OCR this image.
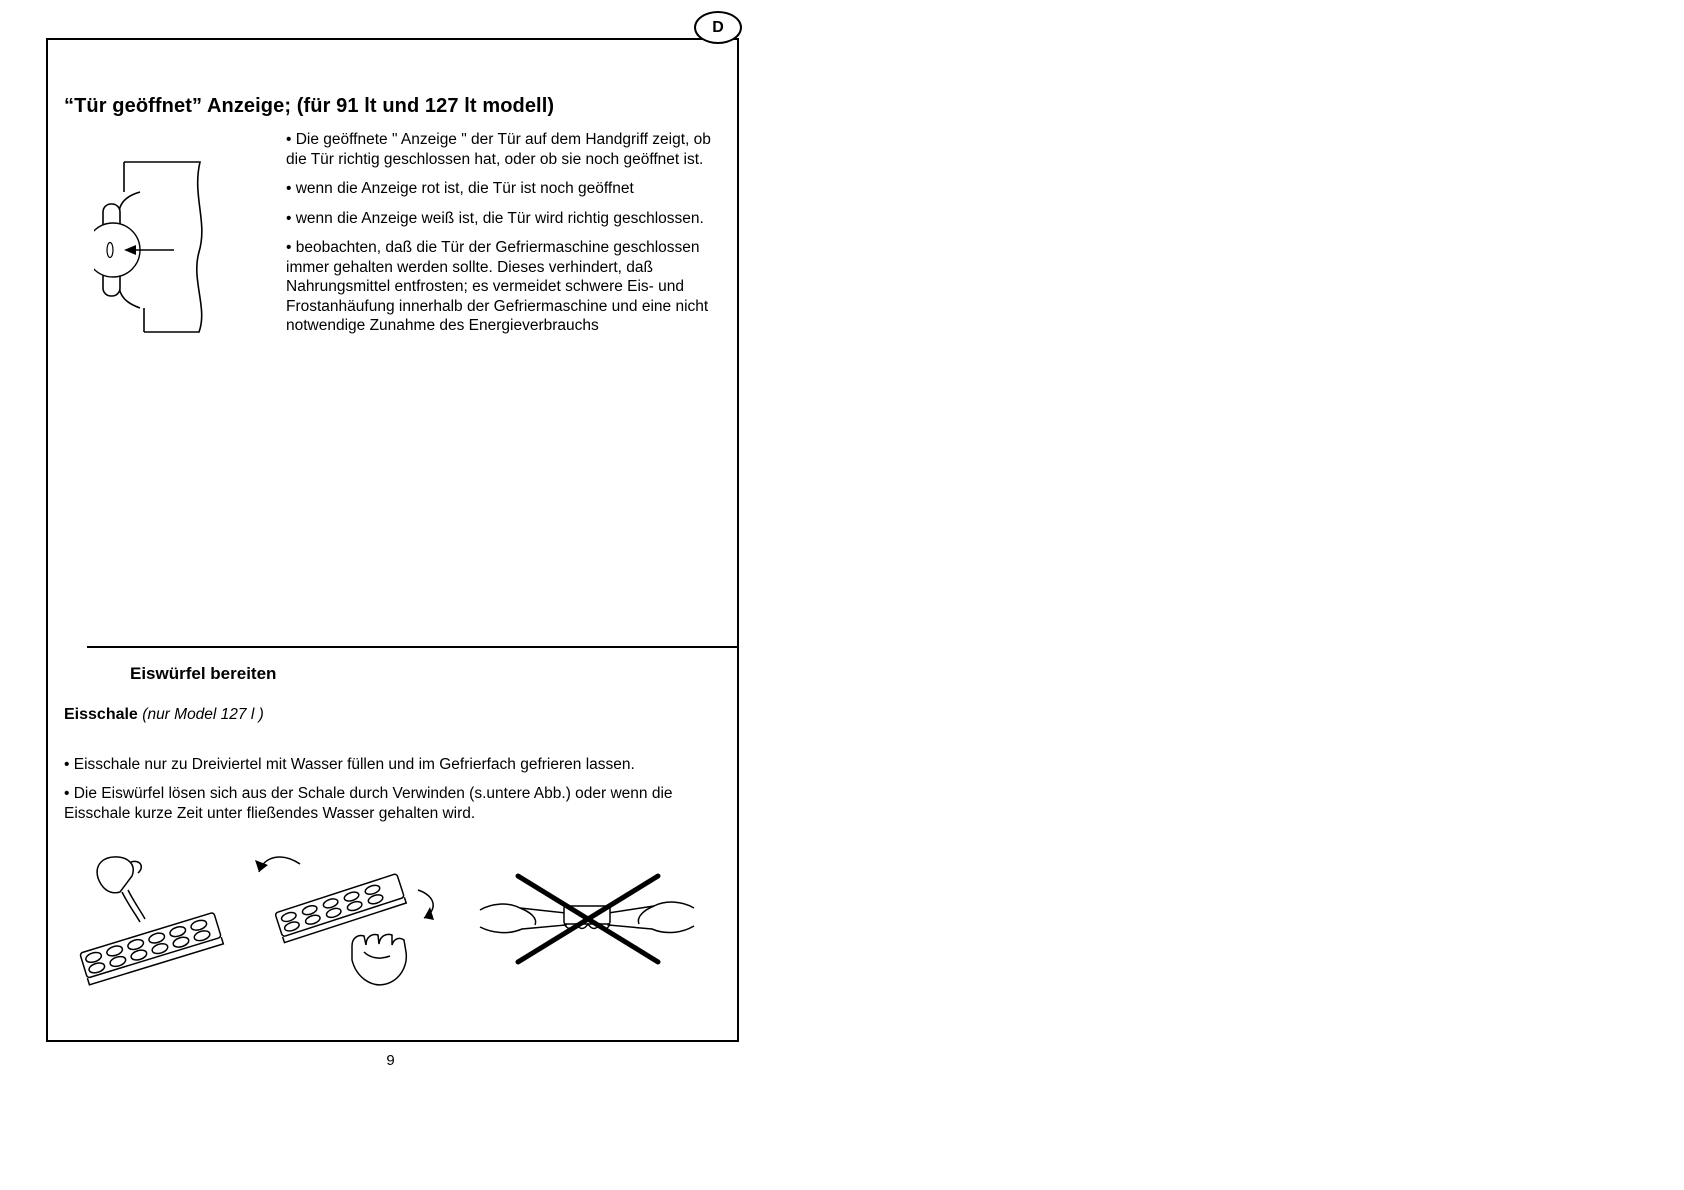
D
“Tür geöffnet” Anzeige; (für 91 lt und 127 lt modell)

• Die geöffnete " Anzeige " der Tür auf dem Handgriff zeigt, ob die Tür richtig geschlossen hat, oder ob sie noch geöffnet ist.

• wenn die Anzeige rot ist, die Tür ist noch geöffnet

• wenn die Anzeige weiß ist, die Tür wird richtig geschlossen.

• beobachten, daß die Tür der Gefriermaschine geschlossen immer gehalten werden sollte. Dieses verhindert, daß Nahrungsmittel entfrosten; es vermeidet schwere Eis- und Frostanhäufung innerhalb der Gefriermaschine und eine nicht notwendige Zunahme des Energieverbrauchs

Eiswürfel bereiten

Eisschale (nur Model 127 l )

• Eisschale nur zu Dreiviertel mit Wasser füllen und im Gefrierfach gefrieren lassen.

• Die Eiswürfel lösen sich aus der Schale durch Verwinden (s.untere Abb.) oder wenn die Eisschale kurze Zeit unter fließendes Wasser gehalten wird.

9
